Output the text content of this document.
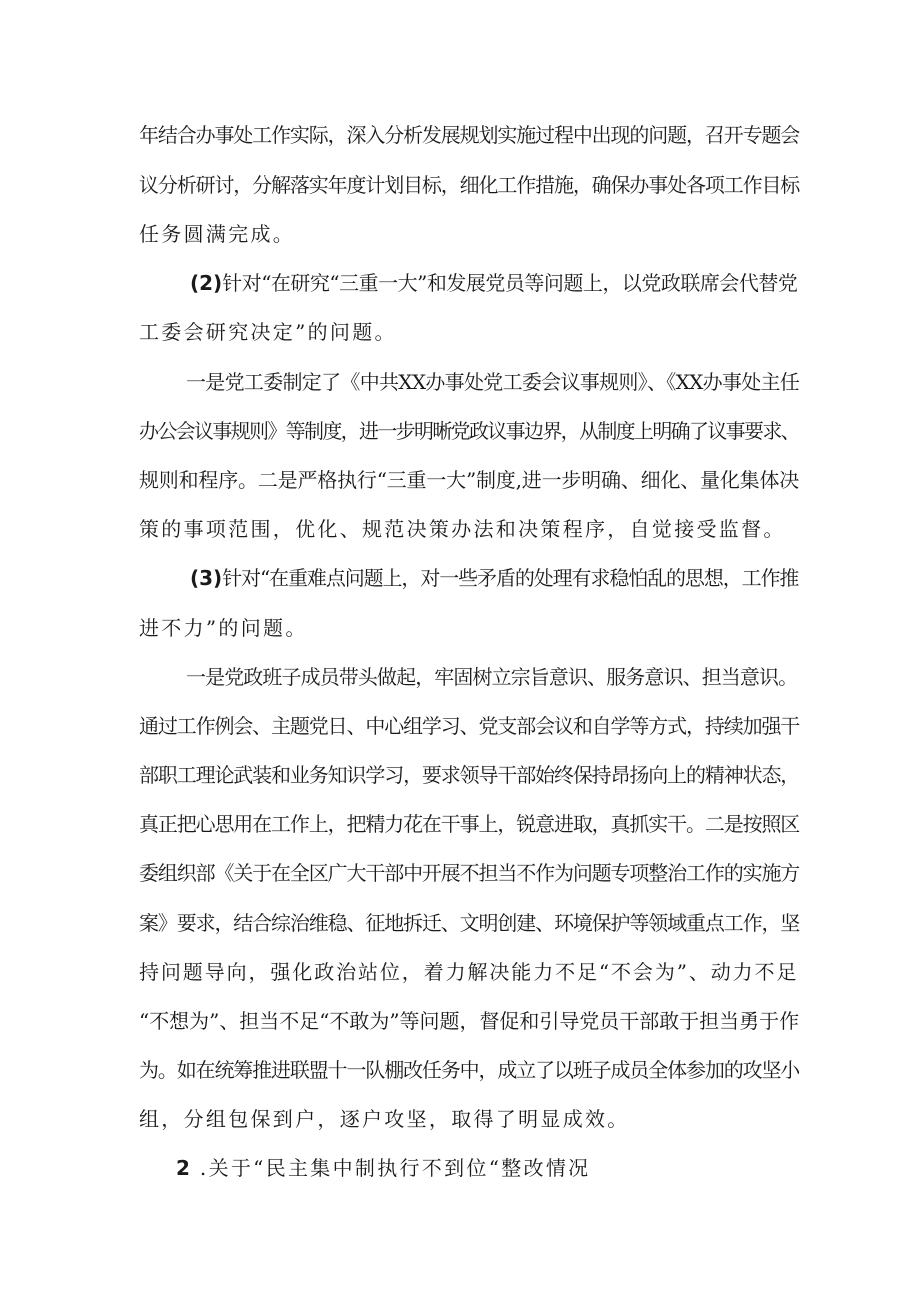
年结合办事处工作实际，深入分析发展规划实施过程中出现的问题，召开专题会
议分析研讨，分解落实年度计划目标，细化工作措施，确保办事处各项工作目标
任务圆满完成。
(2)针对“在研究“三重一大”和发展党员等问题上，以党政联席会代替党
工委会研究决定”的问题。
一是党工委制定了《中共XX办事处党工委会议事规则》、《XX办事处主任
办公会议事规则》等制度，进一步明晰党政议事边界，从制度上明确了议事要求、
规则和程序。二是严格执行“三重一大”制度,进一步明确、细化、量化集体决
策的事项范围，优化、规范决策办法和决策程序，自觉接受监督。
(3)针对“在重难点问题上，对一些矛盾的处理有求稳怕乱的思想，工作推
进不力”的问题。
一是党政班子成员带头做起，牢固树立宗旨意识、服务意识、担当意识。
通过工作例会、主题党日、中心组学习、党支部会议和自学等方式，持续加强干
部职工理论武装和业务知识学习，要求领导干部始终保持昂扬向上的精神状态，
真正把心思用在工作上，把精力花在干事上，锐意进取，真抓实干。二是按照区
委组织部《关于在全区广大干部中开展不担当不作为问题专项整治工作的实施方
案》要求，结合综治维稳、征地拆迁、文明创建、环境保护等领域重点工作，坚
持问题导向，强化政治站位，着力解决能力不足“不会为”、动力不足
“不想为”、担当不足“不敢为”等问题，督促和引导党员干部敢于担当勇于作
为。如在统筹推进联盟十一队棚改任务中，成立了以班子成员全体参加的攻坚小
组，分组包保到户，逐户攻坚，取得了明显成效。
2 .关于“民主集中制执行不到位“整改情况
